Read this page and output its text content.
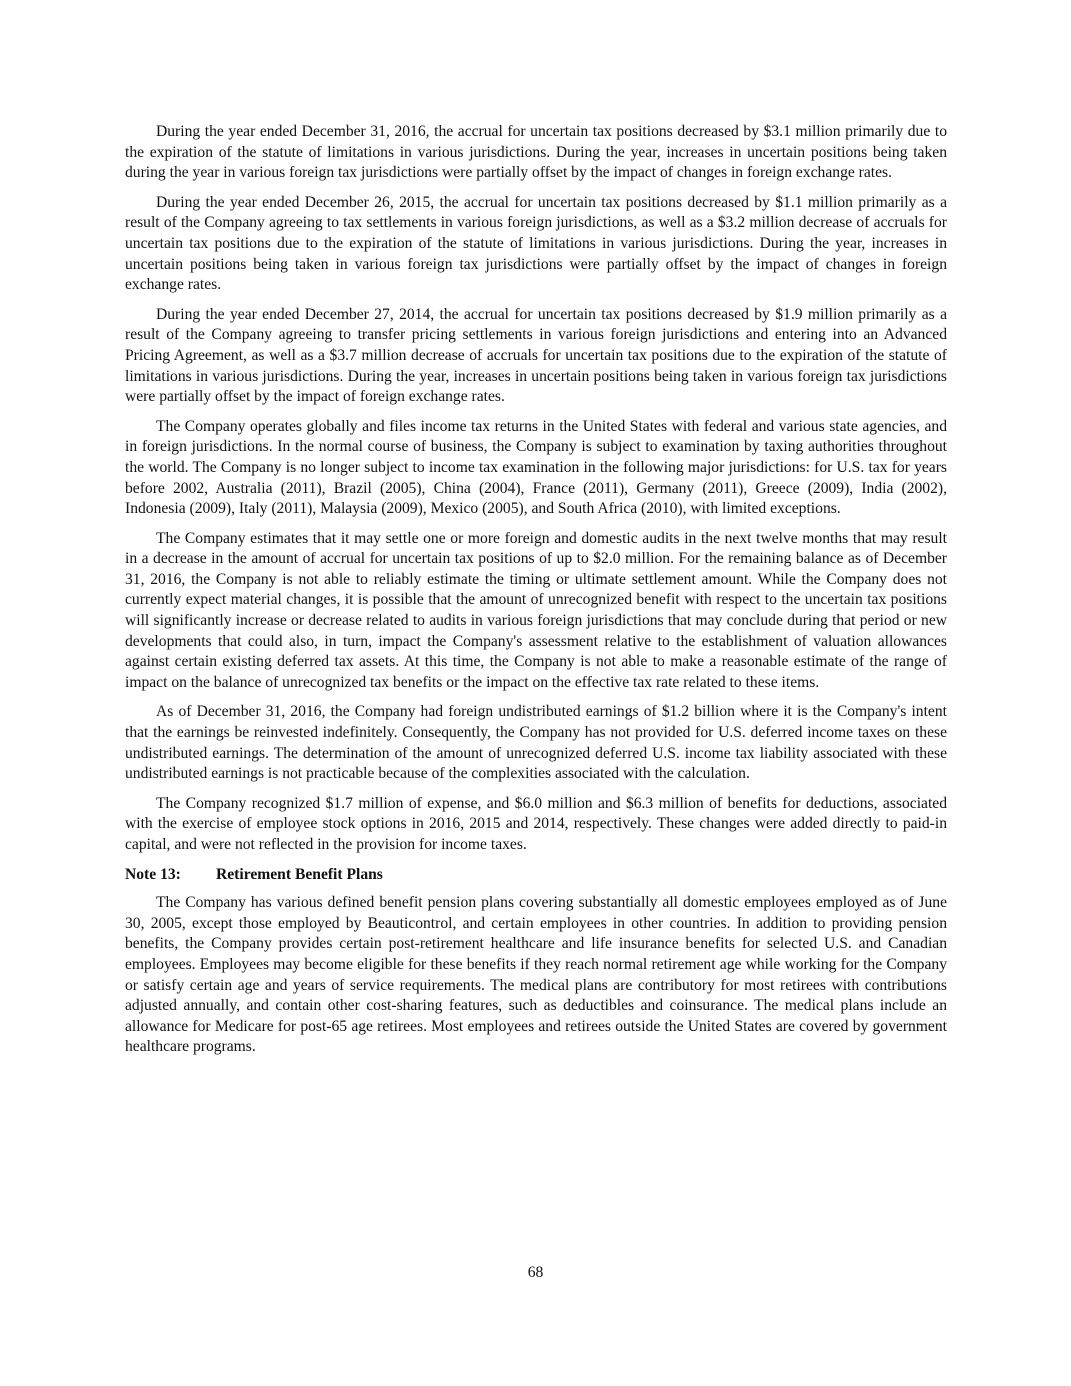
During the year ended December 31, 2016, the accrual for uncertain tax positions decreased by $3.1 million primarily due to the expiration of the statute of limitations in various jurisdictions. During the year, increases in uncertain positions being taken during the year in various foreign tax jurisdictions were partially offset by the impact of changes in foreign exchange rates.

During the year ended December 26, 2015, the accrual for uncertain tax positions decreased by $1.1 million primarily as a result of the Company agreeing to tax settlements in various foreign jurisdictions, as well as a $3.2 million decrease of accruals for uncertain tax positions due to the expiration of the statute of limitations in various jurisdictions. During the year, increases in uncertain positions being taken in various foreign tax jurisdictions were partially offset by the impact of changes in foreign exchange rates.

During the year ended December 27, 2014, the accrual for uncertain tax positions decreased by $1.9 million primarily as a result of the Company agreeing to transfer pricing settlements in various foreign jurisdictions and entering into an Advanced Pricing Agreement, as well as a $3.7 million decrease of accruals for uncertain tax positions due to the expiration of the statute of limitations in various jurisdictions. During the year, increases in uncertain positions being taken in various foreign tax jurisdictions were partially offset by the impact of foreign exchange rates.

The Company operates globally and files income tax returns in the United States with federal and various state agencies, and in foreign jurisdictions. In the normal course of business, the Company is subject to examination by taxing authorities throughout the world. The Company is no longer subject to income tax examination in the following major jurisdictions: for U.S. tax for years before 2002, Australia (2011), Brazil (2005), China (2004), France (2011), Germany (2011), Greece (2009), India (2002), Indonesia (2009), Italy (2011), Malaysia (2009), Mexico (2005), and South Africa (2010), with limited exceptions.

The Company estimates that it may settle one or more foreign and domestic audits in the next twelve months that may result in a decrease in the amount of accrual for uncertain tax positions of up to $2.0 million. For the remaining balance as of December 31, 2016, the Company is not able to reliably estimate the timing or ultimate settlement amount. While the Company does not currently expect material changes, it is possible that the amount of unrecognized benefit with respect to the uncertain tax positions will significantly increase or decrease related to audits in various foreign jurisdictions that may conclude during that period or new developments that could also, in turn, impact the Company's assessment relative to the establishment of valuation allowances against certain existing deferred tax assets. At this time, the Company is not able to make a reasonable estimate of the range of impact on the balance of unrecognized tax benefits or the impact on the effective tax rate related to these items.

As of December 31, 2016, the Company had foreign undistributed earnings of $1.2 billion where it is the Company's intent that the earnings be reinvested indefinitely. Consequently, the Company has not provided for U.S. deferred income taxes on these undistributed earnings. The determination of the amount of unrecognized deferred U.S. income tax liability associated with these undistributed earnings is not practicable because of the complexities associated with the calculation.

The Company recognized $1.7 million of expense, and $6.0 million and $6.3 million of benefits for deductions, associated with the exercise of employee stock options in 2016, 2015 and 2014, respectively. These changes were added directly to paid-in capital, and were not reflected in the provision for income taxes.

Note 13: Retirement Benefit Plans

The Company has various defined benefit pension plans covering substantially all domestic employees employed as of June 30, 2005, except those employed by Beauticontrol, and certain employees in other countries. In addition to providing pension benefits, the Company provides certain post-retirement healthcare and life insurance benefits for selected U.S. and Canadian employees. Employees may become eligible for these benefits if they reach normal retirement age while working for the Company or satisfy certain age and years of service requirements. The medical plans are contributory for most retirees with contributions adjusted annually, and contain other cost-sharing features, such as deductibles and coinsurance. The medical plans include an allowance for Medicare for post-65 age retirees. Most employees and retirees outside the United States are covered by government healthcare programs.

68
